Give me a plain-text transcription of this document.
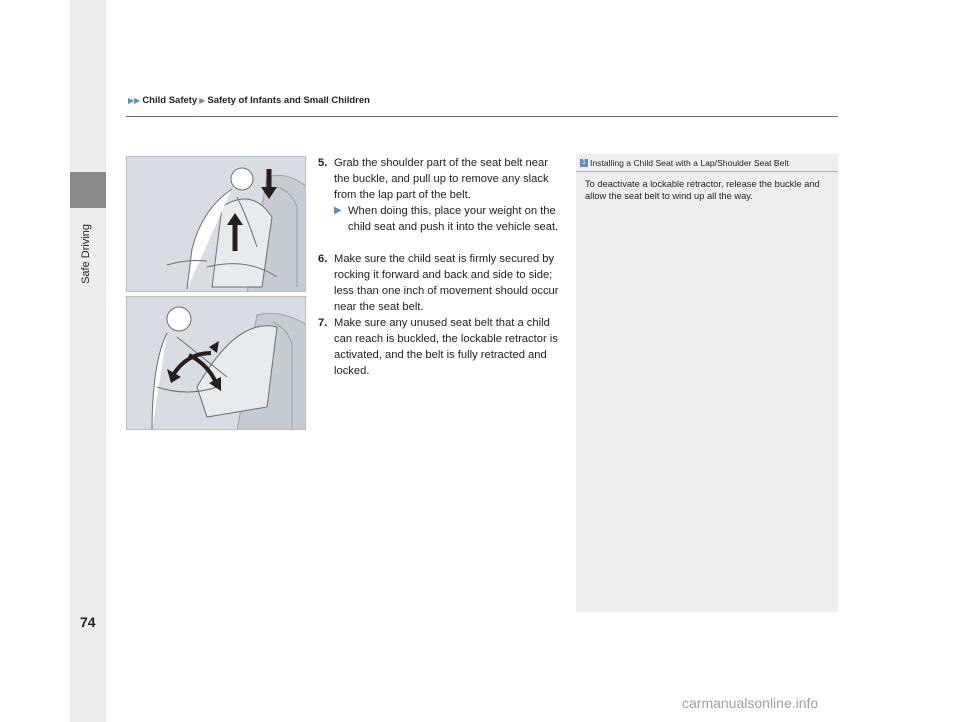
Safe Driving
▶▶ Child Safety ▶ Safety of Infants and Small Children
5. Grab the shoulder part of the seat belt near the buckle, and pull up to remove any slack from the lap part of the belt.
▶ When doing this, place your weight on the child seat and push it into the vehicle seat.
6. Make sure the child seat is firmly secured by rocking it forward and back and side to side; less than one inch of movement should occur near the seat belt.
7. Make sure any unused seat belt that a child can reach is buckled, the lockable retractor is activated, and the belt is fully retracted and locked.
1 Installing a Child Seat with a Lap/Shoulder Seat Belt
To deactivate a lockable retractor, release the buckle and allow the seat belt to wind up all the way.
74
carmanualsonline.info
